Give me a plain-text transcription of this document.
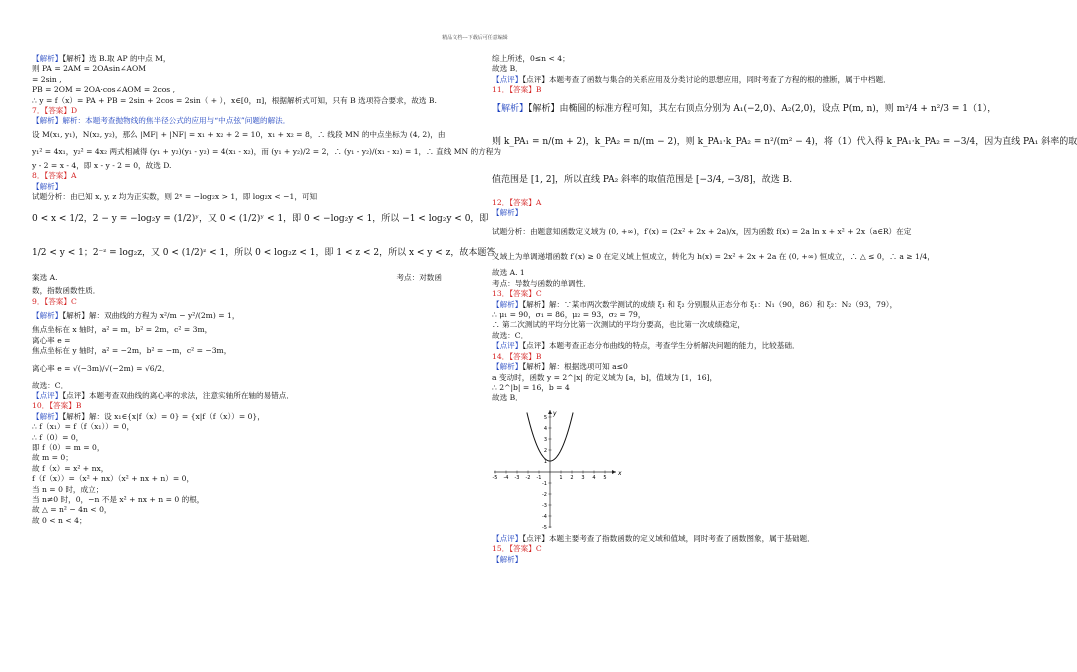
精品文档---下载后可任意编辑
【解析】【解析】选 B.取 AP 的中点 M，
则 PA = 2AM = 2OAsin∠AOM
= 2sin ,
PB = 2OM = 2OA·cos∠AOM = 2cos ,
∴ y = f（x）= PA + PB = 2sin + 2cos = 2sin（ + ），x∈[0，π]，根据解析式可知，只有 B 选项符合要求，故选 B.
7．【答案】D
【解析】解析：本题考查抛物线的焦半径公式的应用与“中点弦”问题的解法．
设 M(x₁, y₁)，N(x₂, y₂)，那么 |MF| + |NF| = x₁ + x₂ + 2 = 10，x₁ + x₂ = 8，∴ 线段 MN 的中点坐标为 (4, 2)，由
y₁² = 4x₁，y₂² = 4x₂ 两式相减得 (y₁ + y₂)(y₁ - y₂) = 4(x₁ - x₂)，而 (y₁ + y₂)/2 = 2，∴ (y₁ - y₂)/(x₁ - x₂) = 1，∴ 直线 MN 的方程为
y - 2 = x - 4，即 x - y - 2 = 0，故选 D.
8．【答案】A
【解析】
试题分析：由已知 x, y, z 均为正实数，则 2ˣ = −log₂x > 1，即 log₂x < −1，可知
0 < x < 1/2，2 − y = −log₂y = (1/2)ʸ，又 0 < (1/2)ʸ < 1，即 0 < −log₂y < 1，所以 −1 < log₂y < 0，即
1/2 < y < 1；2⁻ᶻ = log₂z，又 0 < (1/2)ᶻ < 1，所以 0 < log₂z < 1，即 1 < z < 2，所以 x < y < z，故本题答
案选 A.	考点：对数函
数，指数函数性质．
9．【答案】C
【解析】【解析】解：双曲线的方程为 x²/m − y²/(2m) = 1，
焦点坐标在 x 轴时，a² = m，b² = 2m，c² = 3m，
离心率 e =
焦点坐标在 y 轴时，a² = −2m，b² = −m，c² = −3m，
离心率 e = √(−3m)/√(−2m) = √6/2．
故选：C．
【点评】【点评】本题考查双曲线的离心率的求法，注意实轴所在轴的易错点．
10．【答案】B
【解析】【解析】解：设 x₁∈{x|f（x）= 0} = {x|f（f（x））= 0}，
∴ f（x₁）= f（f（x₁））= 0，
∴ f（0）= 0，
即 f（0）= m = 0，
故 m = 0；
故 f（x）= x² + nx，
f（f（x））=（x² + nx）（x² + nx + n）= 0，
当 n = 0 时，成立；
当 n≠0 时，0，−n 不是 x² + nx + n = 0 的根，
故 △ = n² − 4n < 0，
故 0 < n < 4；
综上所述，0≤n < 4；
故选 B．
【点评】【点评】本题考查了函数与集合的关系应用及分类讨论的思想应用，同时考查了方程的根的推断，属于中档题．
11．【答案】B
【解析】【解析】由椭圆的标准方程可知，其左右顶点分别为 A₁(−2,0)、A₂(2,0)，设点 P(m, n)，则 m²/4 + n²/3 = 1（1），
则 k_PA₁ = n/(m + 2)，k_PA₂ = n/(m − 2)，则 k_PA₁·k_PA₂ = n²/(m² − 4)，将（1）代入得 k_PA₁·k_PA₂ = −3/4，因为直线 PA₁ 斜率的取
值范围是 [1, 2]，所以直线 PA₂ 斜率的取值范围是 [−3/4, −3/8]，故选 B.
12．【答案】A
【解析】
试题分析：由题意知函数定义域为 (0, +∞)，f′(x) = (2x² + 2x + 2a)/x，因为函数 f(x) = 2a ln x + x² + 2x（a∈R）在定
义域上为单调递增函数 f′(x) ≥ 0 在定义域上恒成立，转化为 h(x) = 2x² + 2x + 2a 在 (0, +∞) 恒成立，∴ △ ≤ 0，∴ a ≥ 1/4，
故选 A. 1
考点：导数与函数的单调性．
13．【答案】C
【解析】【解析】解：∵某市两次数学测试的成绩 ξ₁ 和 ξ₂ 分别服从正态分布 ξ₁：N₁（90，86）和 ξ₂：N₂（93，79），
∴ μ₁ = 90，σ₁ = 86，μ₂ = 93，σ₂ = 79，
∴ 第二次测试的平均分比第一次测试的平均分要高，也比第一次成绩稳定，
故选：C．
【点评】【点评】本题考查正态分布曲线的特点，考查学生分析解决问题的能力，比较基础．
14．【答案】B
【解析】【解析】解：根据选项可知 a≤0
a 变动时，函数 y = 2^|x| 的定义域为 [a，b]，值域为 [1，16]，
∴ 2^|b| = 16，b = 4
故选 B．
x
y
-5 -4 -3 -2 -1	1 2 3 4 5
5
4
3
2
1
-1
-2
-3
-4
-5
【点评】【点评】本题主要考查了指数函数的定义域和值域，同时考查了函数图象，属于基础题．
15．【答案】C
【解析】
